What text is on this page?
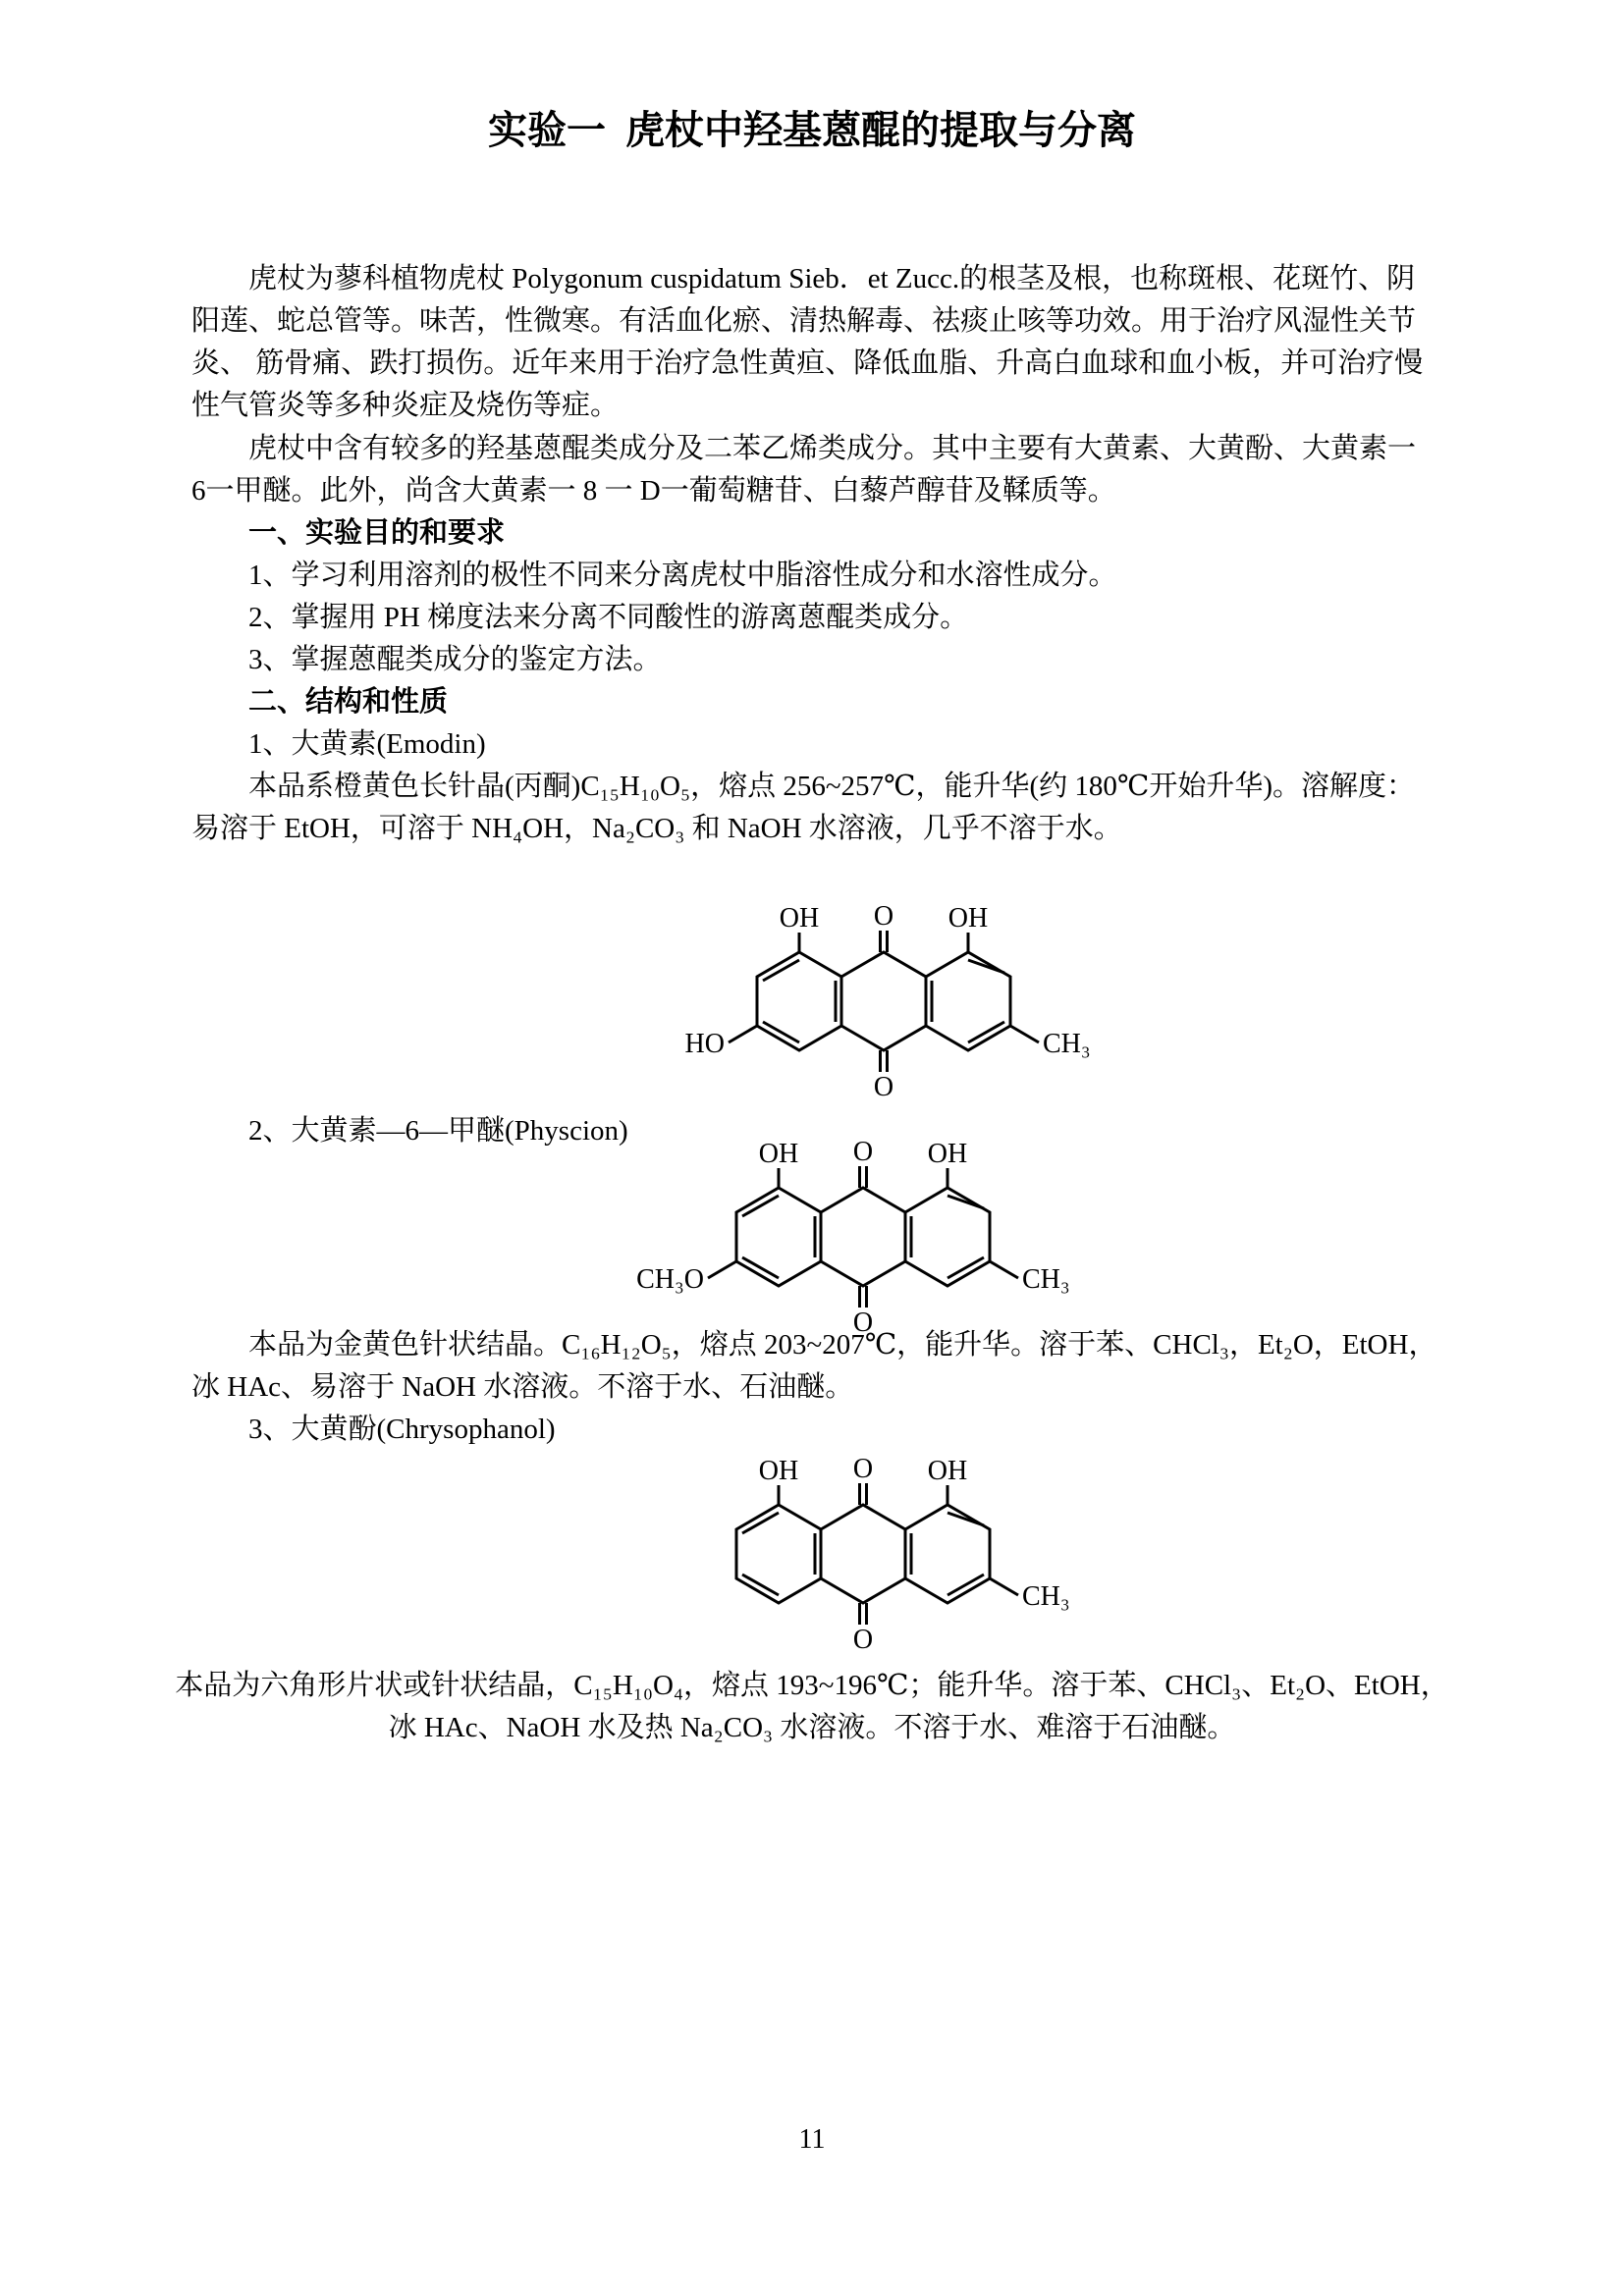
实验一  虎杖中羟基蒽醌的提取与分离
虎杖为蓼科植物虎杖 Polygonum cuspidatum Sieb．et Zucc.的根茎及根，也称斑根、花斑竹、阴
阳莲、蛇总管等。味苦，性微寒。有活血化瘀、清热解毒、祛痰止咳等功效。用于治疗风湿性关节
炎、 筋骨痛、跌打损伤。近年来用于治疗急性黄疸、降低血脂、升高白血球和血小板，并可治疗慢
性气管炎等多种炎症及烧伤等症。
虎杖中含有较多的羟基蒽醌类成分及二苯乙烯类成分。其中主要有大黄素、大黄酚、大黄素一
6一甲醚。此外，尚含大黄素一 8 一 D一葡萄糖苷、白藜芦醇苷及鞣质等。
一、实验目的和要求
1、学习利用溶剂的极性不同来分离虎杖中脂溶性成分和水溶性成分。
2、掌握用 PH 梯度法来分离不同酸性的游离蒽醌类成分。
3、掌握蒽醌类成分的鉴定方法。
二、结构和性质
1、大黄素(Emodin)
本品系橙黄色长针晶(丙酮)C₁₅H₁₀O₅，熔点 256~257℃，能升华(约 180℃开始升华)。溶解度：
易溶于 EtOH，可溶于 NH₄OH，Na₂CO₃ 和 NaOH 水溶液，几乎不溶于水。
OH O OH
HO	CH₃
O
2、大黄素—6—甲醚(Physcion)
OH O OH
CH₃O	CH₃
O
本品为金黄色针状结晶。C₁₆H₁₂O₅，熔点 203~207℃，能升华。溶于苯、CHCl₃，Et₂O，EtOH，
冰 HAc、易溶于 NaOH 水溶液。不溶于水、石油醚。
3、大黄酚(Chrysophanol)
OH O OH
CH₃
O
本品为六角形片状或针状结晶，C₁₅H₁₀O₄，熔点 193~196℃；能升华。溶于苯、CHCl₃、Et₂O、EtOH，
冰 HAc、NaOH 水及热 Na₂CO₃ 水溶液。不溶于水、难溶于石油醚。
11
